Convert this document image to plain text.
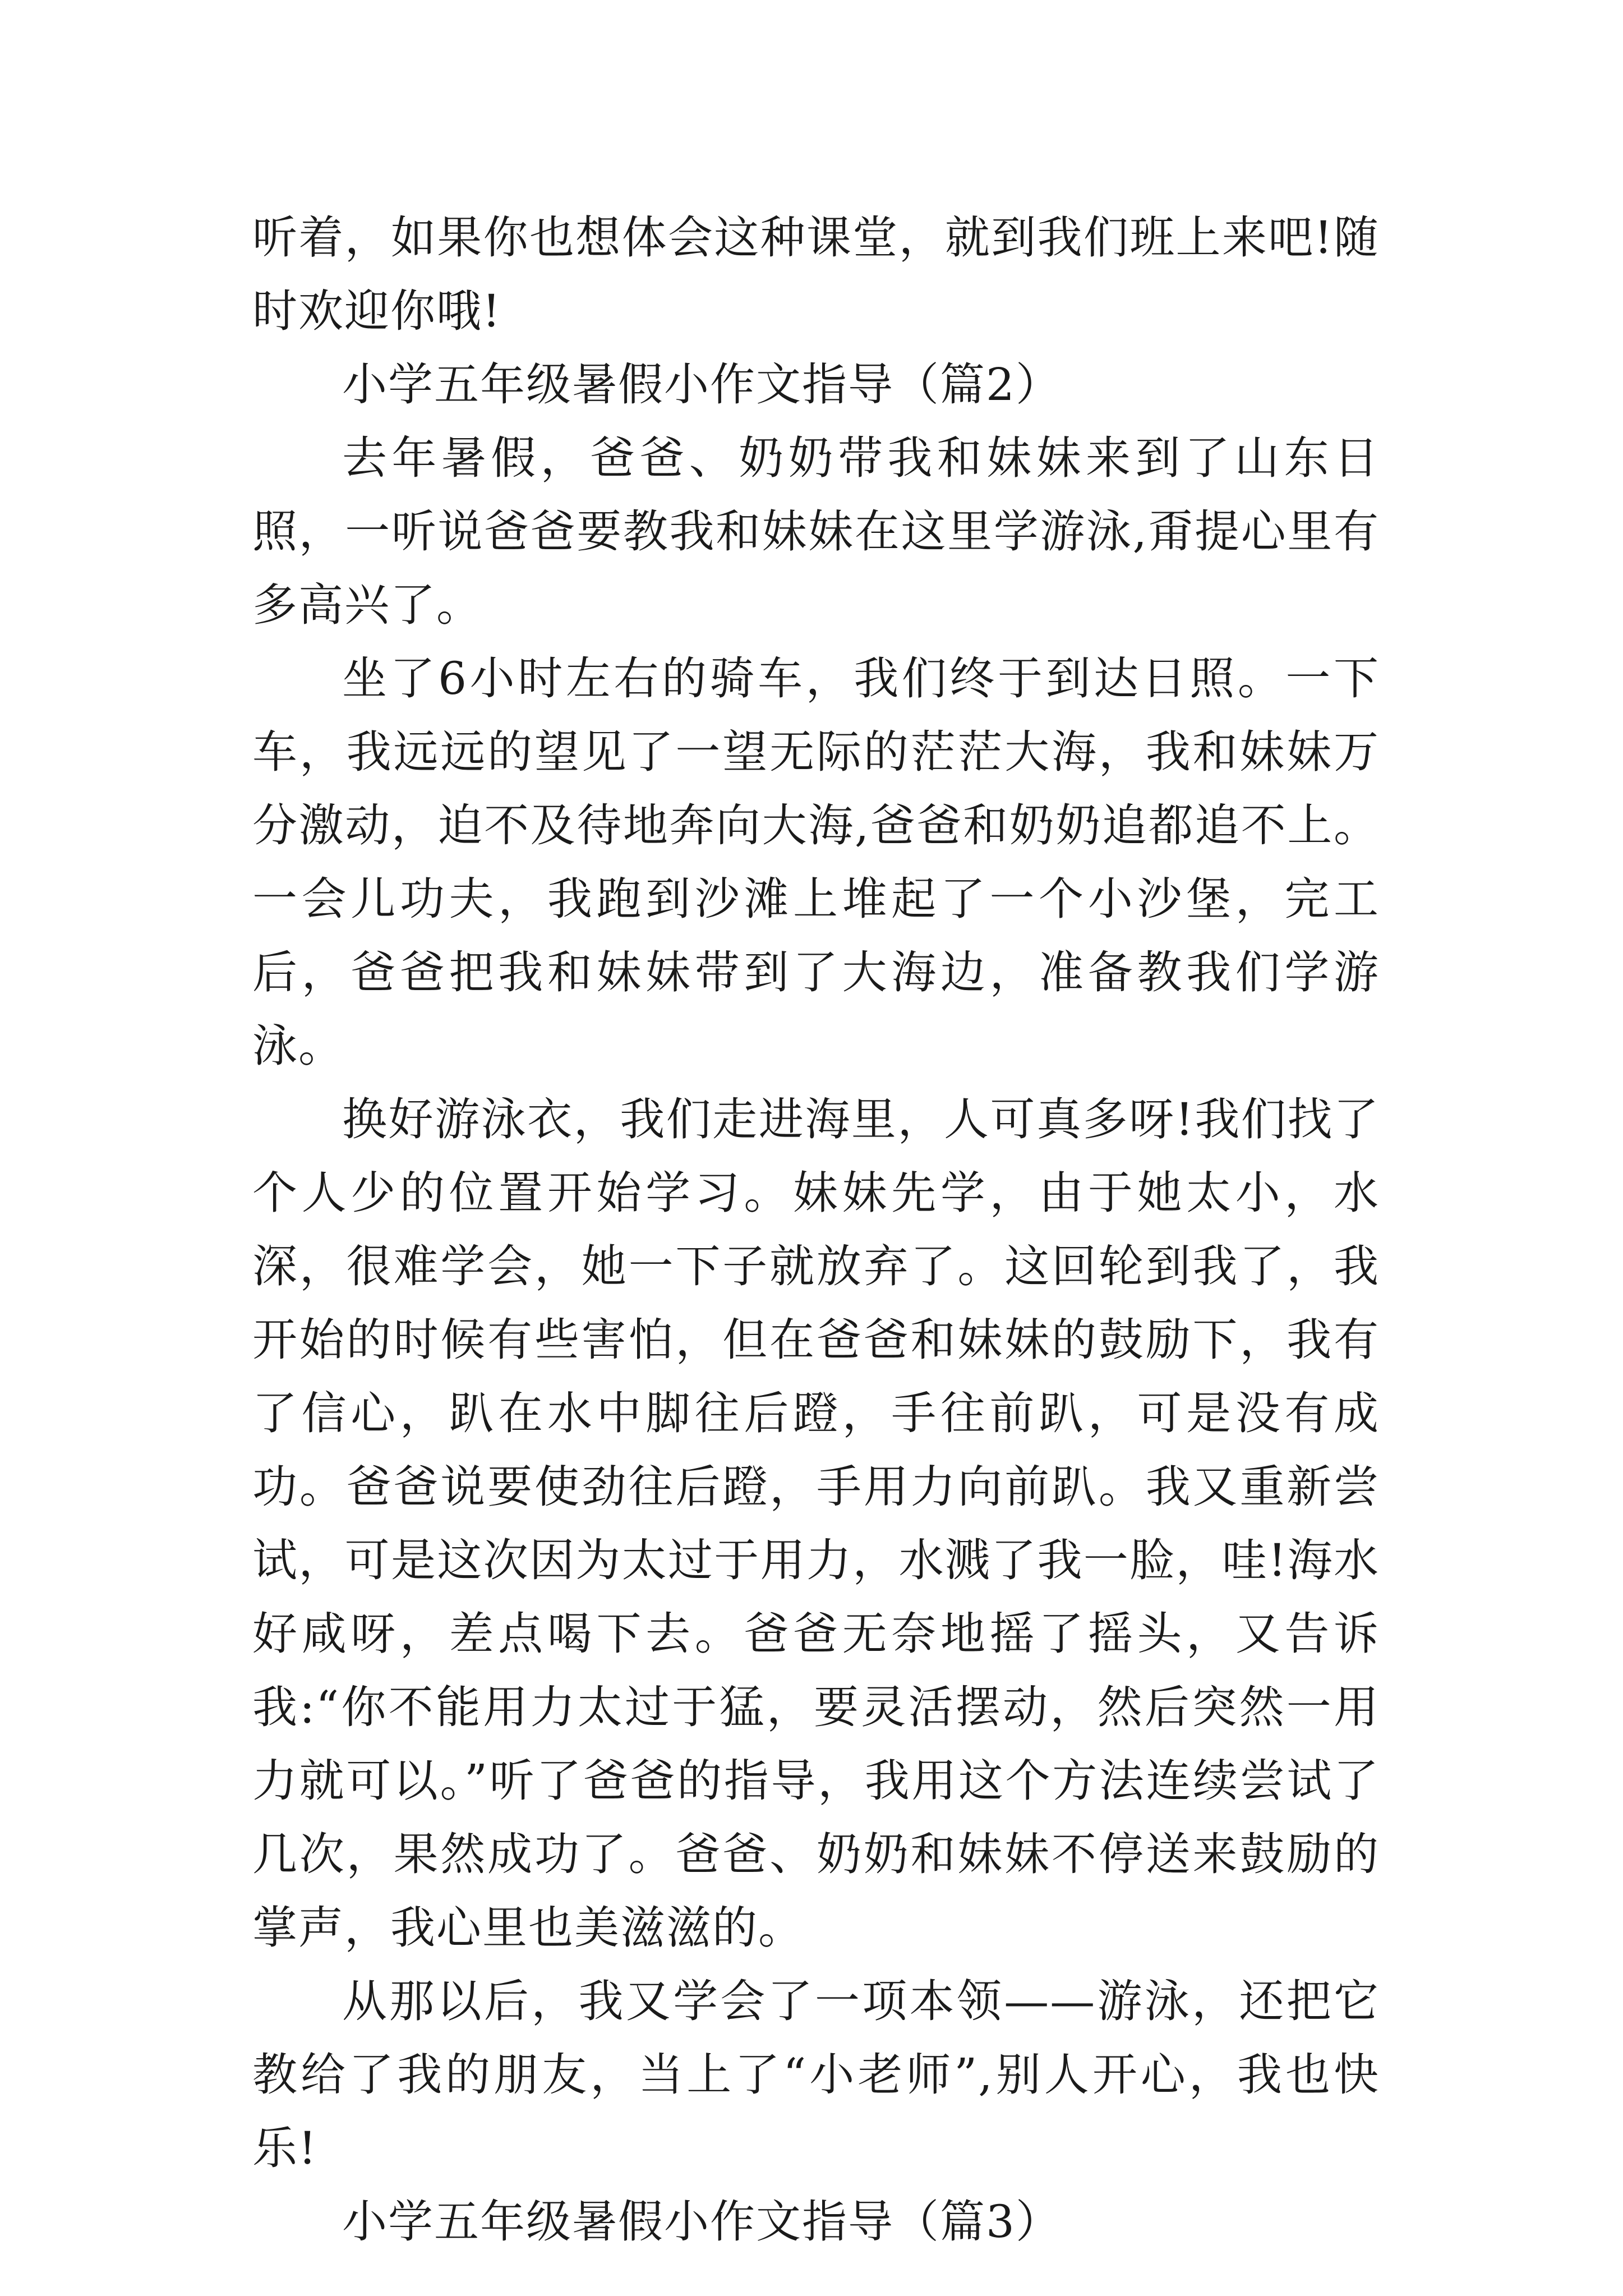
听着，如果你也想体会这种课堂，就到我们班上来吧!随时欢迎你哦!

小学五年级暑假小作文指导（篇2）

去年暑假，爸爸、奶奶带我和妹妹来到了山东日照，一听说爸爸要教我和妹妹在这里学游泳,甭提心里有多高兴了。

坐了6小时左右的骑车，我们终于到达日照。一下车，我远远的望见了一望无际的茫茫大海，我和妹妹万分激动，迫不及待地奔向大海,爸爸和奶奶追都追不上。一会儿功夫，我跑到沙滩上堆起了一个小沙堡，完工后，爸爸把我和妹妹带到了大海边，准备教我们学游泳。

换好游泳衣，我们走进海里，人可真多呀!我们找了个人少的位置开始学习。妹妹先学，由于她太小，水深，很难学会，她一下子就放弃了。这回轮到我了，我开始的时候有些害怕，但在爸爸和妹妹的鼓励下，我有了信心，趴在水中脚往后蹬，手往前趴，可是没有成功。爸爸说要使劲往后蹬，手用力向前趴。我又重新尝试，可是这次因为太过于用力，水溅了我一脸，哇!海水好咸呀，差点喝下去。爸爸无奈地摇了摇头，又告诉我:“你不能用力太过于猛，要灵活摆动，然后突然一用力就可以。”听了爸爸的指导，我用这个方法连续尝试了几次，果然成功了。爸爸、奶奶和妹妹不停送来鼓励的掌声，我心里也美滋滋的。

从那以后，我又学会了一项本领——游泳，还把它教给了我的朋友，当上了“小老师”,别人开心，我也快乐!

小学五年级暑假小作文指导（篇3）
